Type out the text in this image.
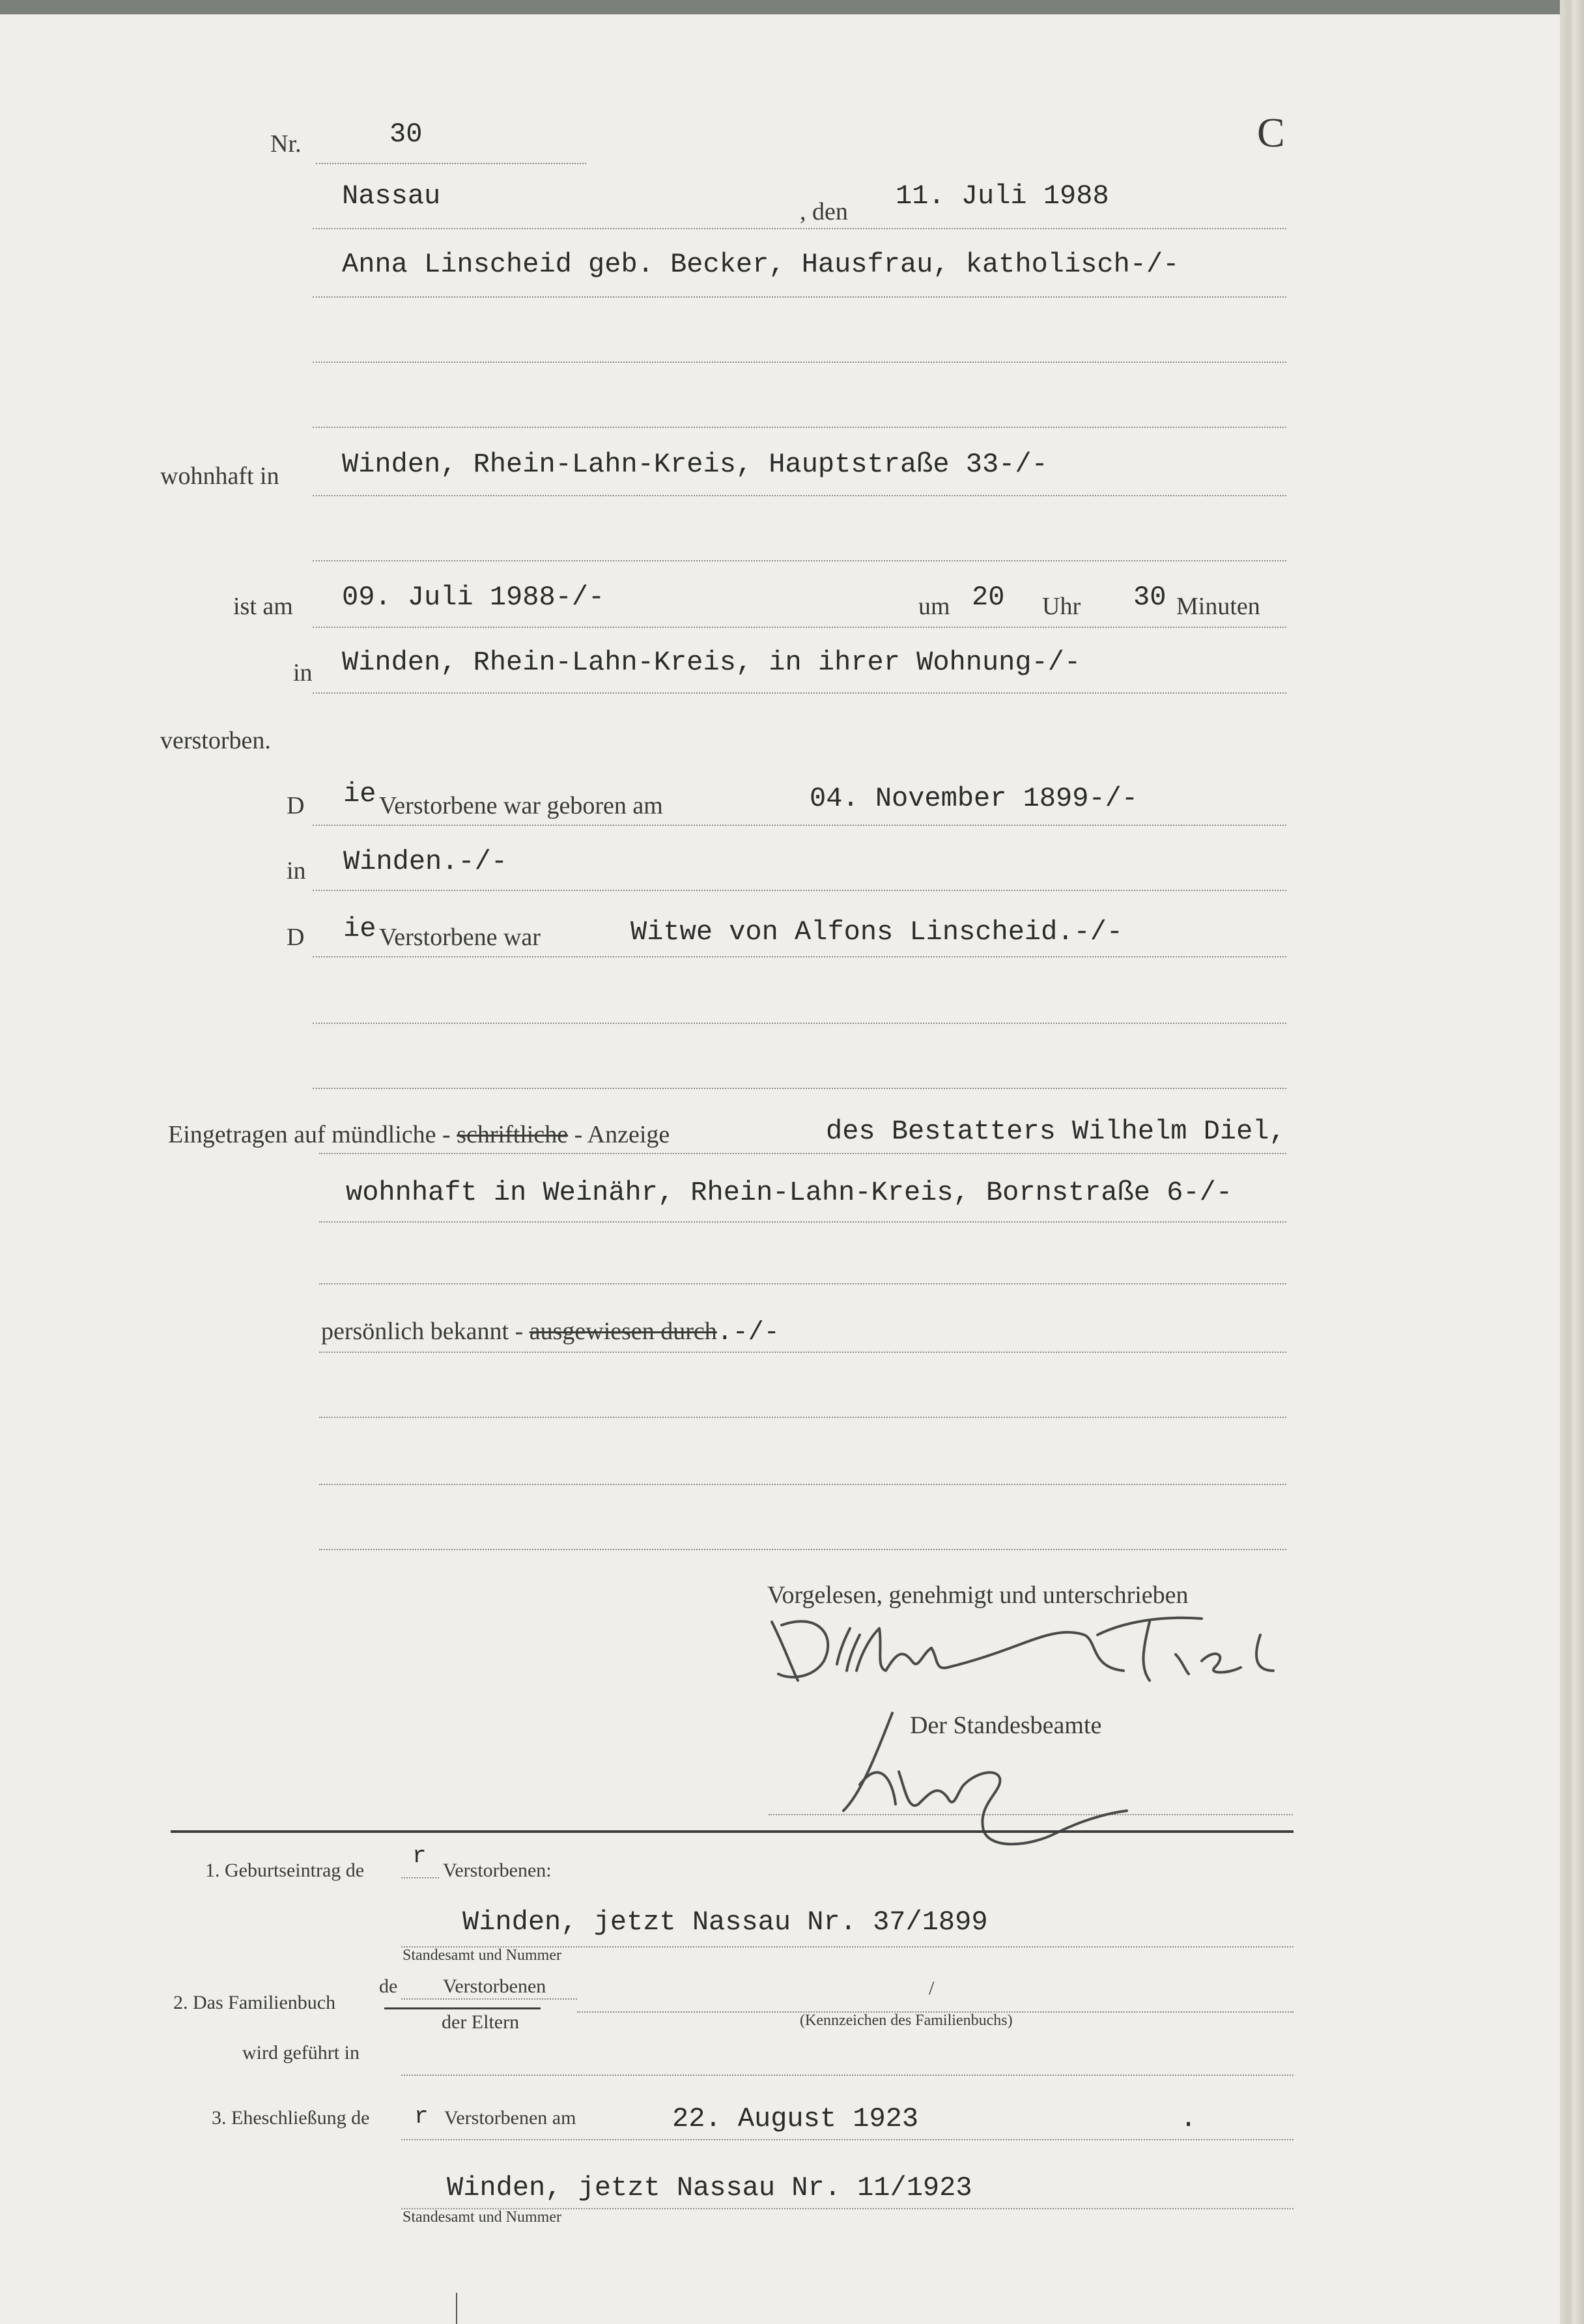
Nr.	30	C
Nassau	, den 11. Juli 1988
Anna Linscheid geb. Becker, Hausfrau, katholisch-/-
wohnhaft in Winden, Rhein-Lahn-Kreis, Hauptstraße 33-/-
ist am 09. Juli 1988-/-	um 20 Uhr 30 Minuten
in Winden, Rhein-Lahn-Kreis, in ihrer Wohnung-/-
verstorben.
D ie Verstorbene war geboren am	04. November 1899-/-
in Winden.-/-
D ie Verstorbene war	Witwe von Alfons Linscheid.-/-
Eingetragen auf mündliche - schriftliche - Anzeige	des Bestatters Wilhelm Diel,
wohnhaft in Weinähr, Rhein-Lahn-Kreis, Bornstraße 6-/-
persönlich bekannt - ausgewiesen durch.-/-
Vorgelesen, genehmigt und unterschrieben
Der Standesbeamte
1. Geburtseintrag de
r
Verstorbenen:
Winden, jetzt Nassau Nr. 37/1899
Standesamt und Nummer
2. Das Familienbuch
de Verstorbenen	/
der Eltern	(Kennzeichen des Familienbuchs)
wird geführt in
3. Eheschließung de r Verstorbenen am	22. August 1923	.
Winden, jetzt Nassau Nr. 11/1923
Standesamt und Nummer
